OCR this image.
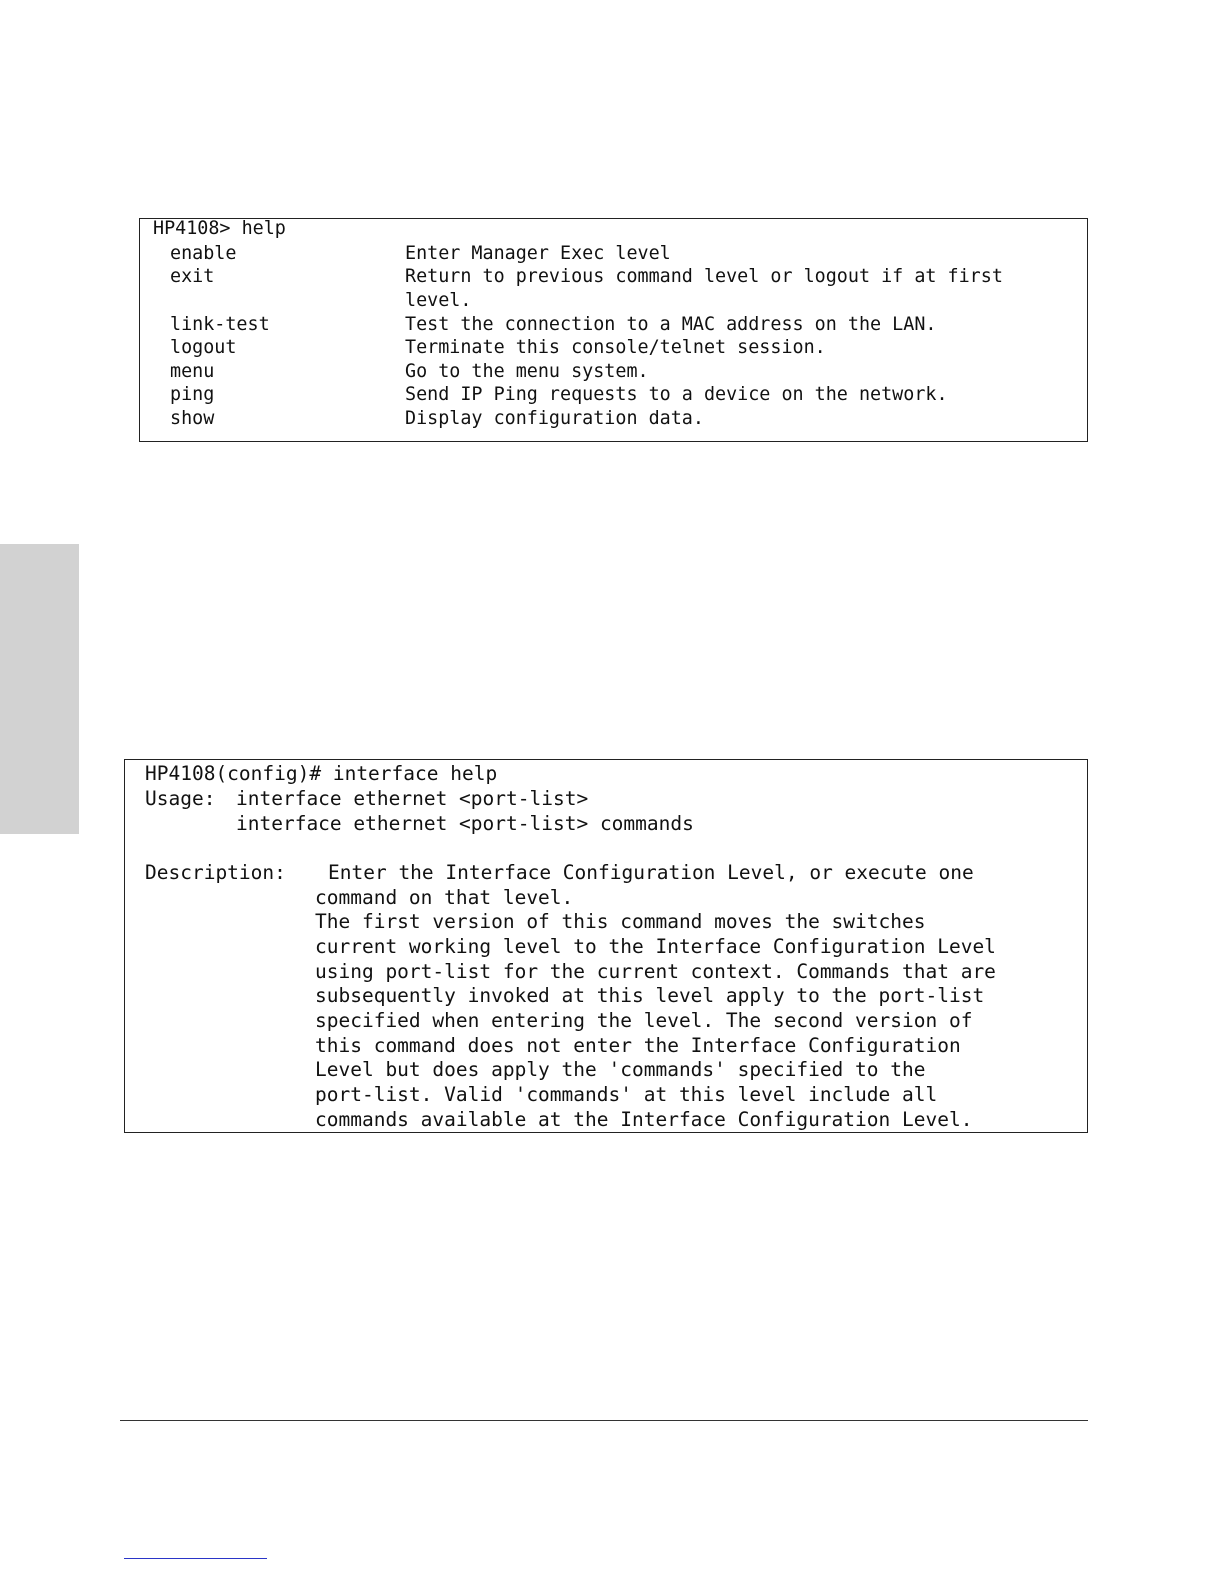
HP4108> help
enable	Enter Manager Exec level
exit	Return to previous command level or logout if at first
level.
link-test	Test the connection to a MAC address on the LAN.
logout	Terminate this console/telnet session.
menu	Go to the menu system.
ping	Send IP Ping requests to a device on the network.
show	Display configuration data.
HP4108(config)# interface help
Usage: interface ethernet <port-list>
interface ethernet <port-list> commands
Description: Enter the Interface Configuration Level, or execute one
command on that level.
The first version of this command moves the switches
current working level to the Interface Configuration Level
using port-list for the current context. Commands that are
subsequently invoked at this level apply to the port-list
specified when entering the level. The second version of
this command does not enter the Interface Configuration
Level but does apply the 'commands' specified to the
port-list. Valid 'commands' at this level include all
commands available at the Interface Configuration Level.
